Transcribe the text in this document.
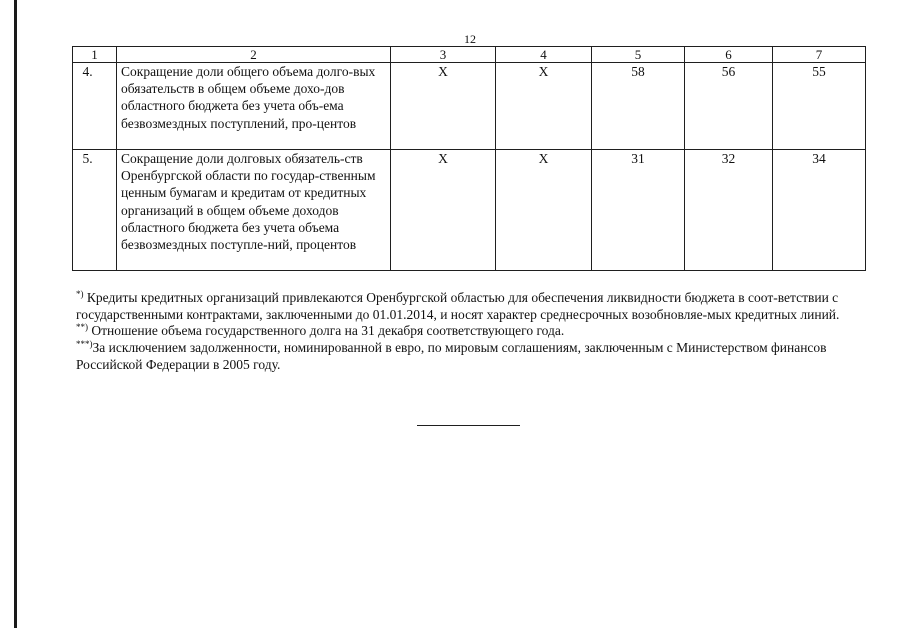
12
1	2	3	4	5	6	7
4.	Сокращение доли общего объема долго-вых обязательств в общем объеме дохо-дов областного бюджета без учета объ-ема безвозмездных поступлений, про-центов	Х	Х	58	56	55
5.	Сокращение доли долговых обязатель-ств Оренбургской области по государ-ственным ценным бумагам и кредитам от кредитных организаций в общем объеме доходов областного бюджета без учета объема безвозмездных поступле-ний, процентов	Х	Х	31	32	34

*) Кредиты кредитных организаций привлекаются Оренбургской областью для обеспечения ликвидности бюджета в соот-ветствии с государственными контрактами, заключенными до 01.01.2014, и носят характер среднесрочных возобновляе-мых кредитных линий.

**) Отношение объема государственного долга на 31 декабря соответствующего года.

***)За исключением задолженности, номинированной в евро, по мировым соглашениям, заключенным с Министерством финансов Российской Федерации в 2005 году.
